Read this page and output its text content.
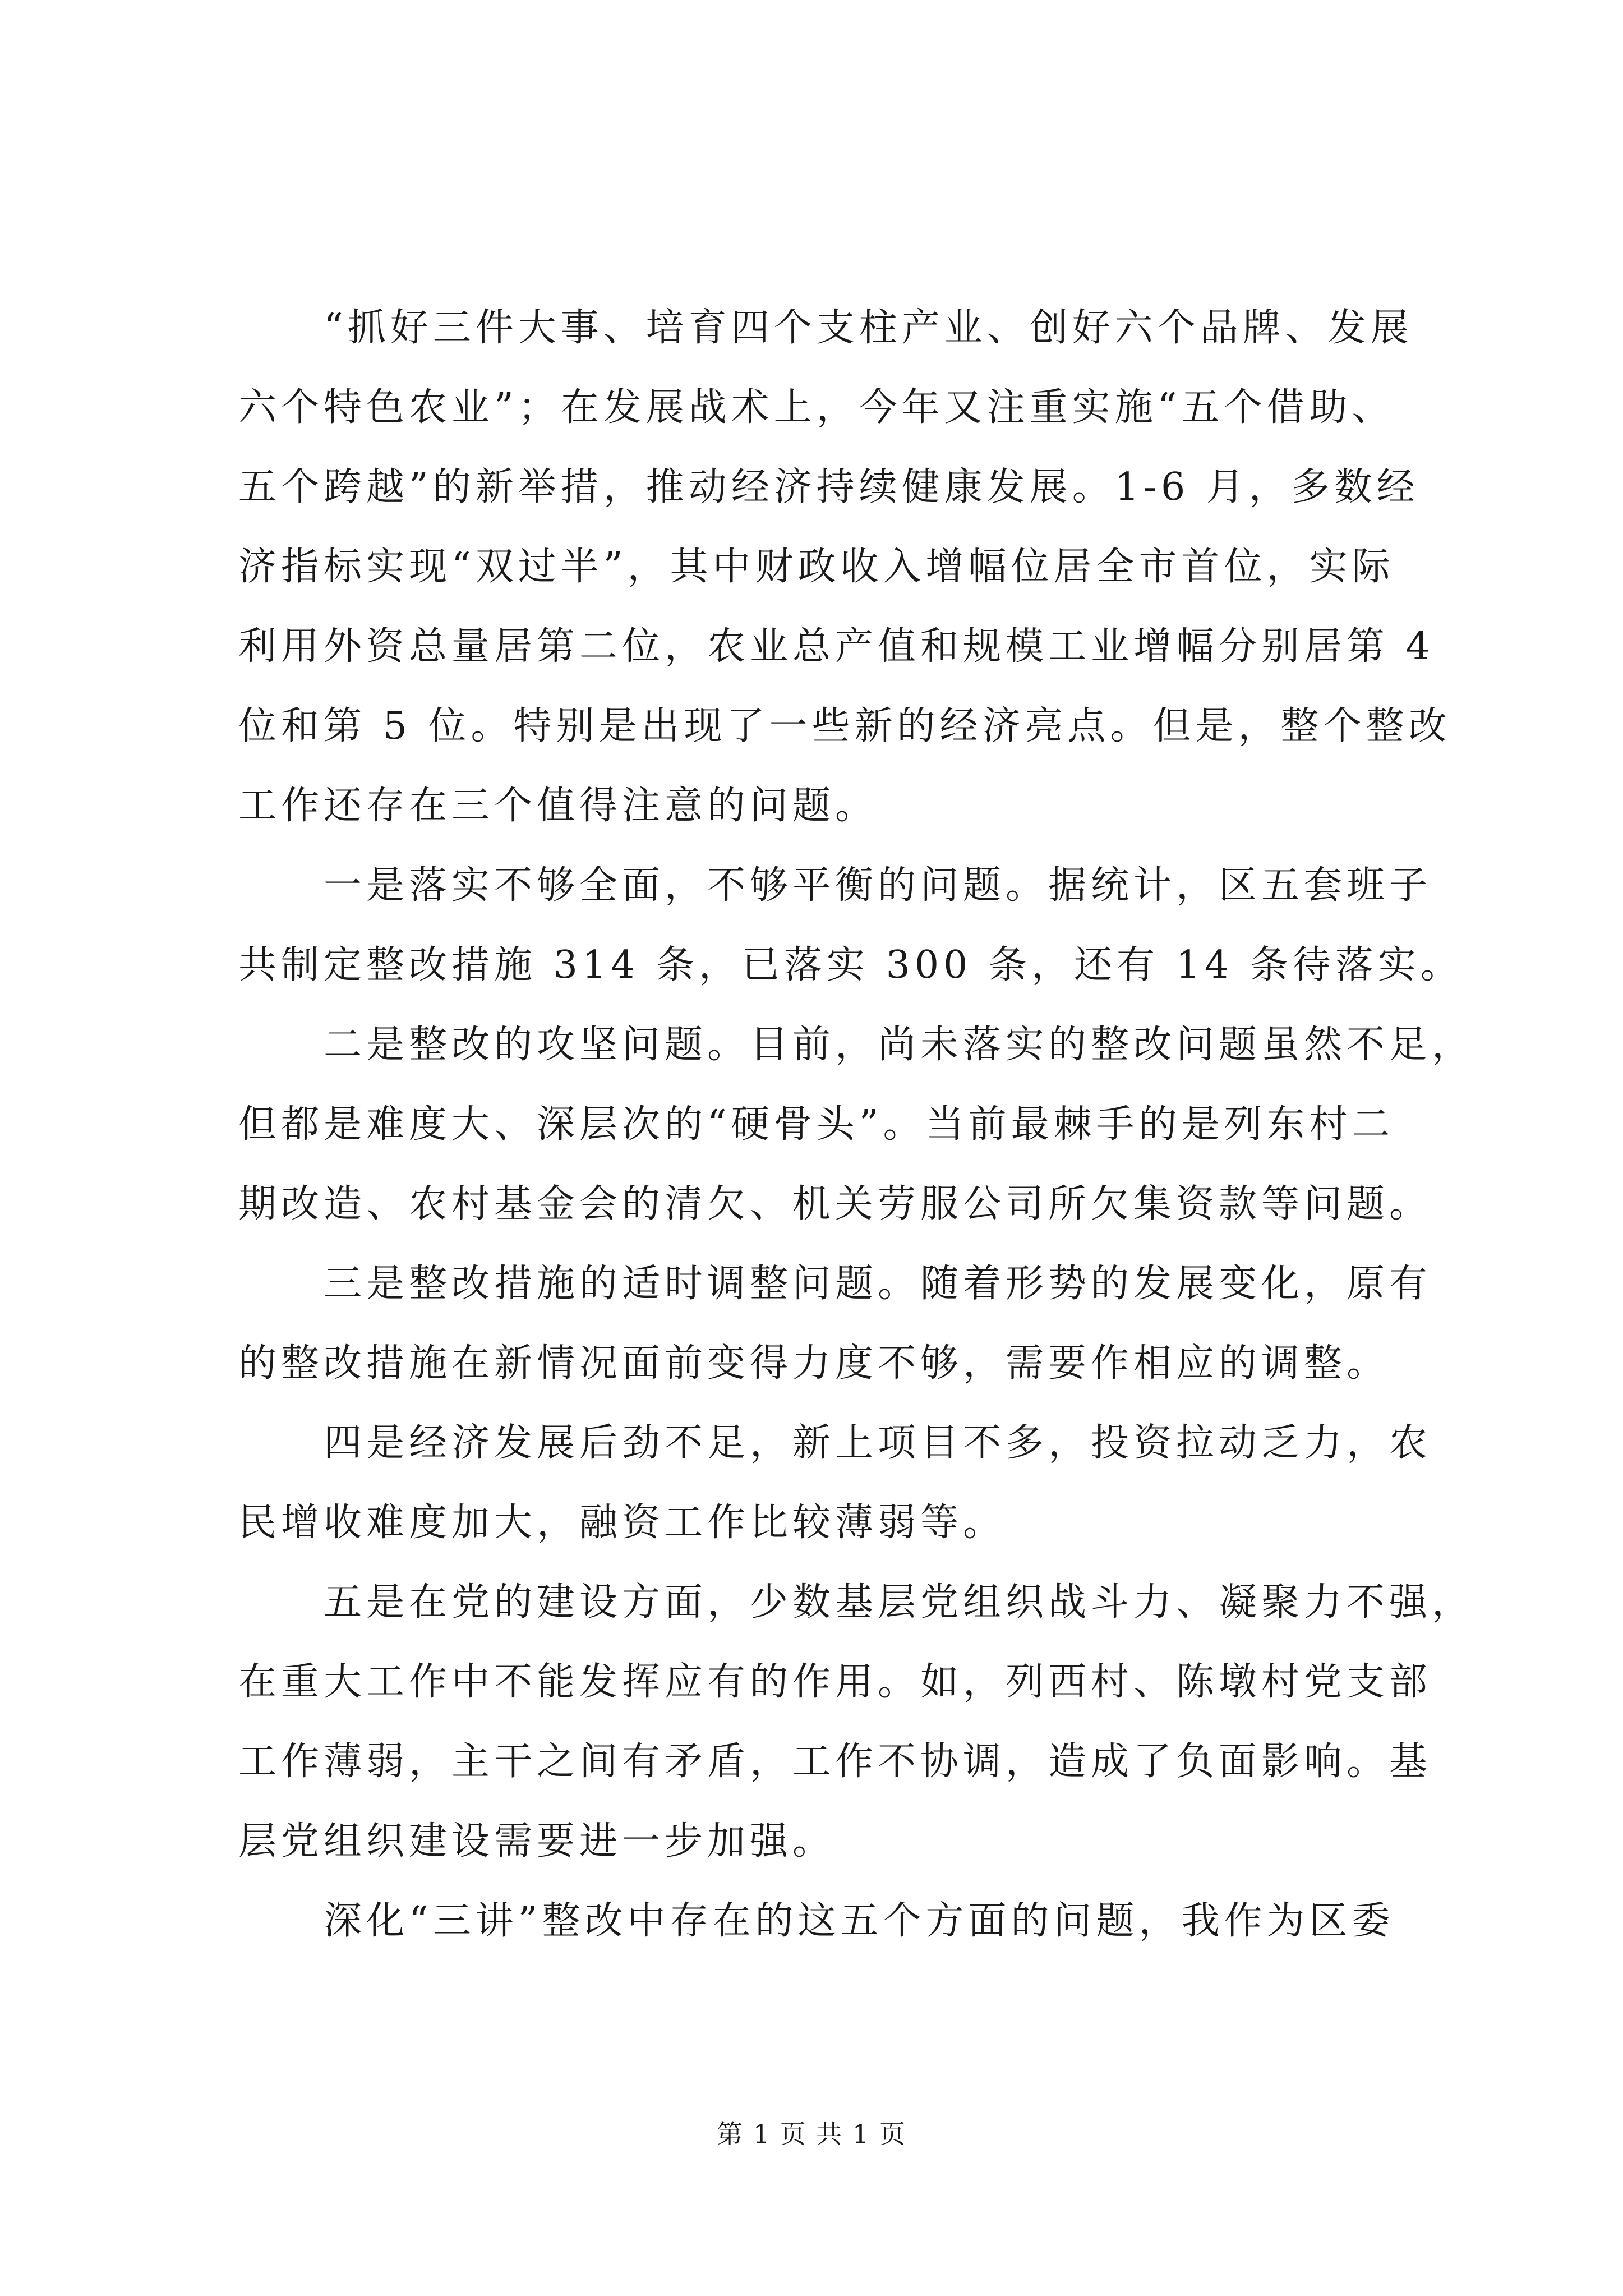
　　“抓好三件大事、培育四个支柱产业、创好六个品牌、发展
六个特色农业”；在发展战术上，今年又注重实施“五个借助、
五个跨越”的新举措，推动经济持续健康发展。1-6 月，多数经
济指标实现“双过半”，其中财政收入增幅位居全市首位，实际
利用外资总量居第二位，农业总产值和规模工业增幅分别居第 4
位和第 5 位。特别是出现了一些新的经济亮点。但是，整个整改
工作还存在三个值得注意的问题。
　　一是落实不够全面，不够平衡的问题。据统计，区五套班子
共制定整改措施 314 条，已落实 300 条，还有 14 条待落实。
　　二是整改的攻坚问题。目前，尚未落实的整改问题虽然不足，
但都是难度大、深层次的“硬骨头”。当前最棘手的是列东村二
期改造、农村基金会的清欠、机关劳服公司所欠集资款等问题。
　　三是整改措施的适时调整问题。随着形势的发展变化，原有
的整改措施在新情况面前变得力度不够，需要作相应的调整。
　　四是经济发展后劲不足，新上项目不多，投资拉动乏力，农
民增收难度加大，融资工作比较薄弱等。
　　五是在党的建设方面，少数基层党组织战斗力、凝聚力不强，
在重大工作中不能发挥应有的作用。如，列西村、陈墩村党支部
工作薄弱，主干之间有矛盾，工作不协调，造成了负面影响。基
层党组织建设需要进一步加强。
　　深化“三讲”整改中存在的这五个方面的问题，我作为区委
第 1 页 共 1 页
